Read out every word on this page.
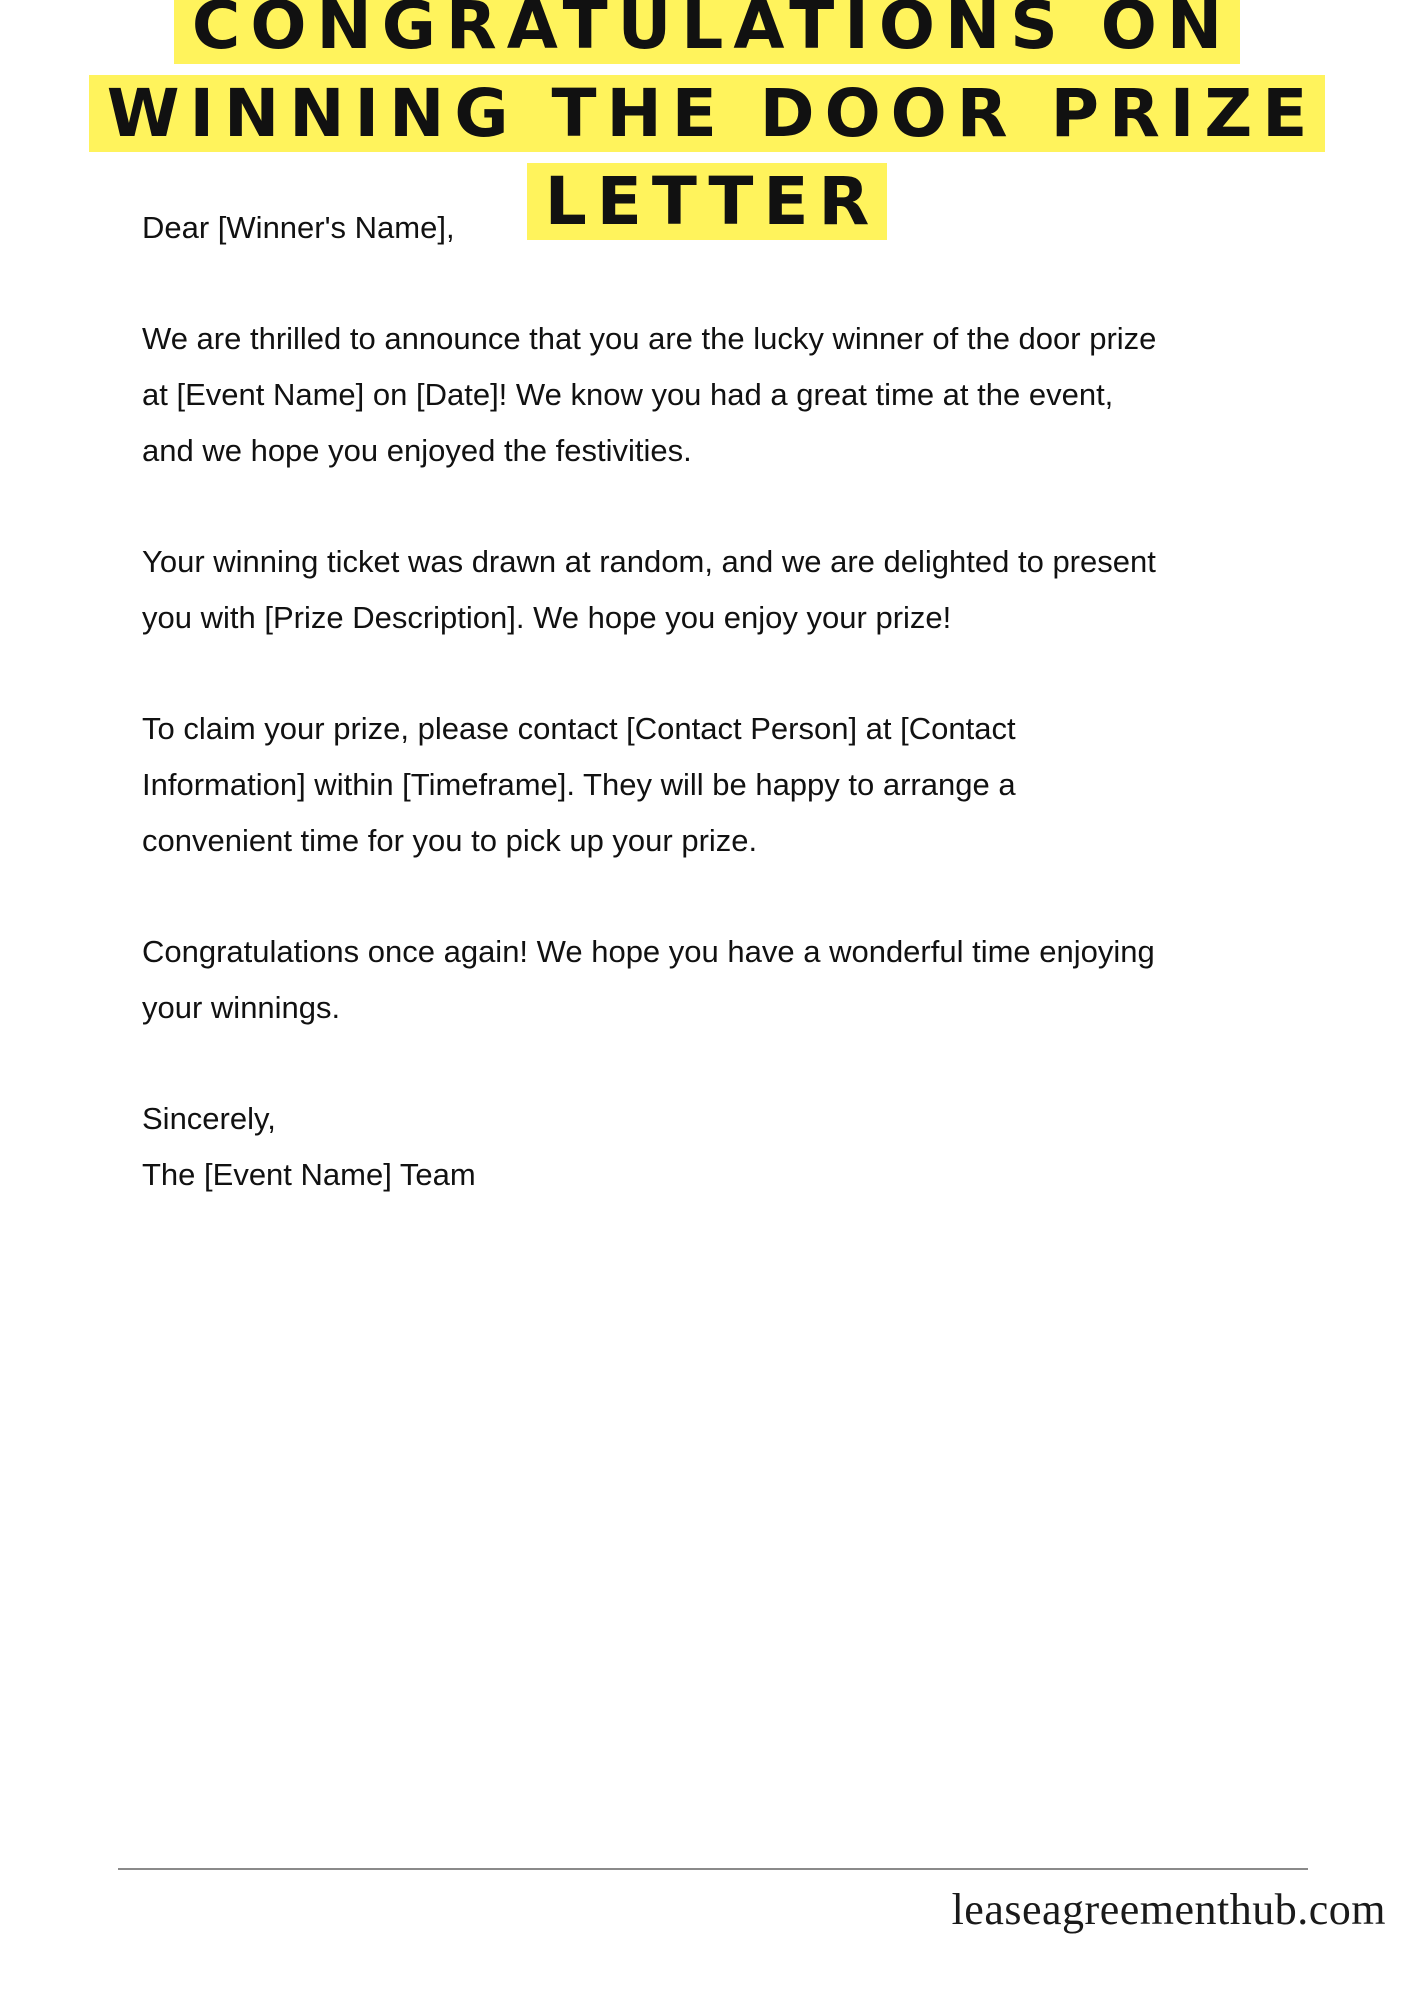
CONGRATULATIONS ON
WINNING THE DOOR PRIZE
LETTER

Dear [Winner's Name],

We are thrilled to announce that you are the lucky winner of the door prize
at [Event Name] on [Date]! We know you had a great time at the event,
and we hope you enjoyed the festivities.

Your winning ticket was drawn at random, and we are delighted to present
you with [Prize Description]. We hope you enjoy your prize!

To claim your prize, please contact [Contact Person] at [Contact
Information] within [Timeframe]. They will be happy to arrange a
convenient time for you to pick up your prize.

Congratulations once again! We hope you have a wonderful time enjoying
your winnings.

Sincerely,
The [Event Name] Team

leaseagreementhub.com
